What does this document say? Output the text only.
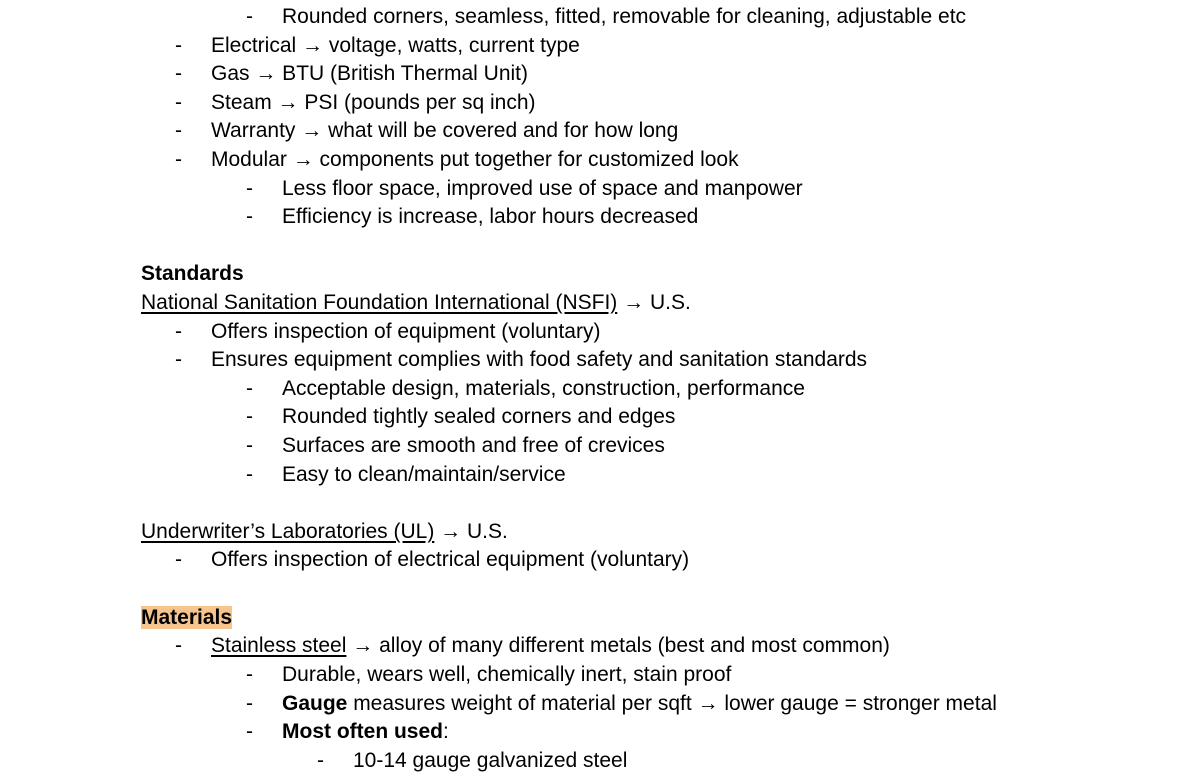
- Rounded corners, seamless, fitted, removable for cleaning, adjustable etc
- Electrical → voltage, watts, current type
- Gas → BTU (British Thermal Unit)
- Steam → PSI (pounds per sq inch)
- Warranty → what will be covered and for how long
- Modular → components put together for customized look
- Less floor space, improved use of space and manpower
- Efficiency is increase, labor hours decreased
Standards
National Sanitation Foundation International (NSFI) → U.S.
- Offers inspection of equipment (voluntary)
- Ensures equipment complies with food safety and sanitation standards
- Acceptable design, materials, construction, performance
- Rounded tightly sealed corners and edges
- Surfaces are smooth and free of crevices
- Easy to clean/maintain/service
Underwriter’s Laboratories (UL) → U.S.
- Offers inspection of electrical equipment (voluntary)
Materials
- Stainless steel → alloy of many different metals (best and most common)
- Durable, wears well, chemically inert, stain proof
- Gauge measures weight of material per sqft → lower gauge = stronger metal
- Most often used:
- 10-14 gauge galvanized steel
